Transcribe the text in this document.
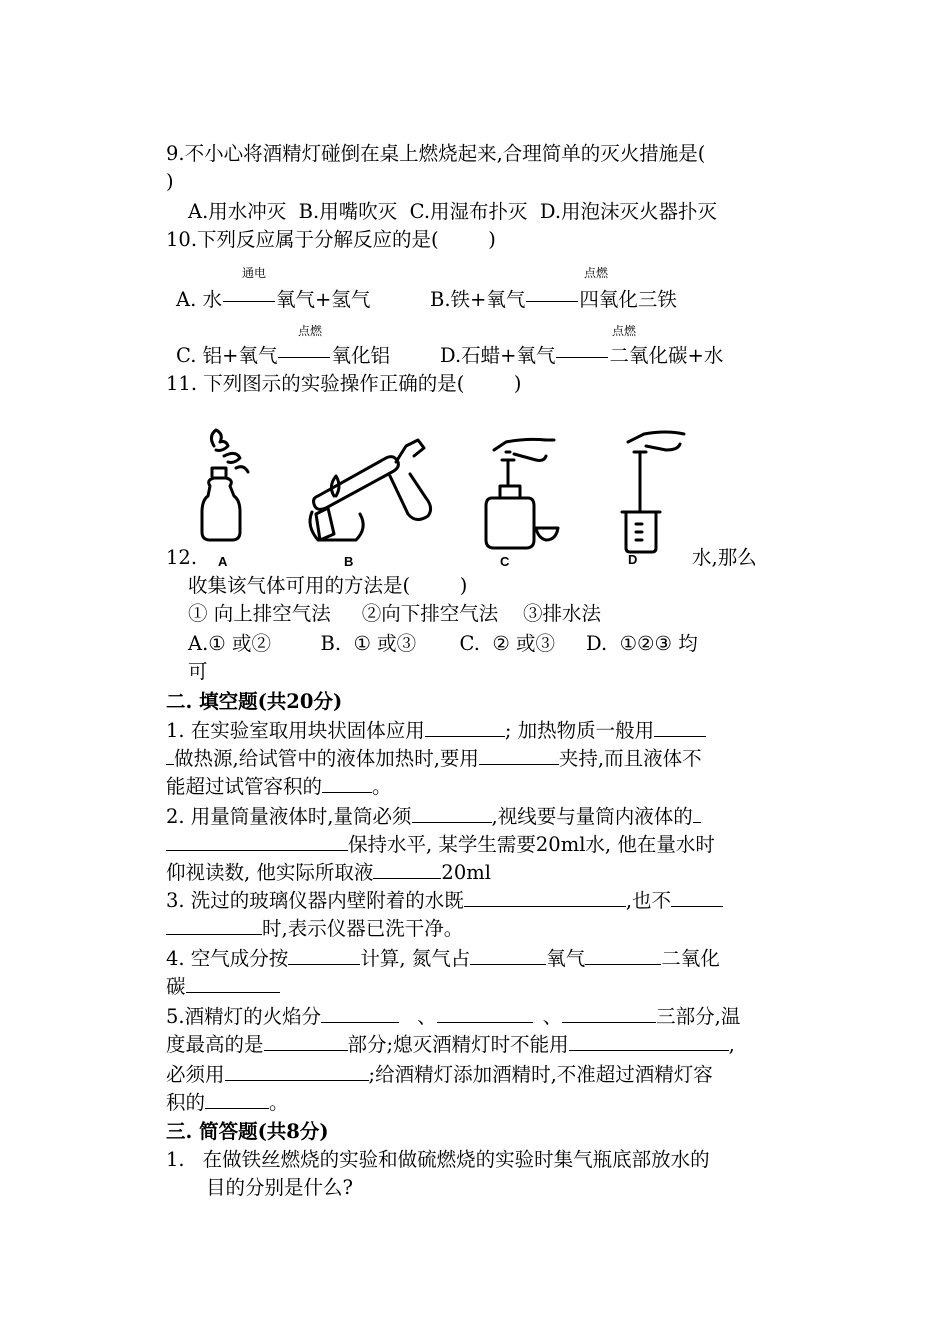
9.不小心将酒精灯碰倒在桌上燃烧起来,合理简单的灭火措施是(
)
A.用水冲灭  B.用嘴吹灭  C.用湿布扑灭  D.用泡沫灭火器扑灭
10.下列反应属于分解反应的是(        )
通电	点燃
A. 水	氧气+氢气	B.铁+氧气	四氧化三铁
点燃	点燃
C. 铝+氧气	氧化铝	D.石蜡+氧气	二氧化碳+水
11. 下列图示的实验操作正确的是(        )
A	B	C	D
12.	水,那么
收集该气体可用的方法是(        )
① 向上排空气法     ②向下排空气法    ③排水法
A.① 或②        B.  ① 或③       C.  ② 或③     D.  ①②③ 均
可
二. 填空题(共20分)
1. 在实验室取用块状固体应用	; 加热物质一般用
做热源,给试管中的液体加热时,要用	夹持,而且液体不
能超过试管容积的	。
2. 用量筒量液体时,量筒必须	,视线要与量筒内液体的
保持水平, 某学生需要20ml水, 他在量水时
仰视读数, 他实际所取液	20ml
3. 洗过的玻璃仪器内壁附着的水既	,也不
时,表示仪器已洗干净。
4. 空气成分按	计算, 氮气占	氧气	二氧化
碳
5.酒精灯的火焰分	、	、	三部分,温
度最高的是	部分;熄灭酒精灯时不能用	,
必须用	;给酒精灯添加酒精时,不准超过酒精灯容
积的	。
三. 简答题(共8分)
1. 在做铁丝燃烧的实验和做硫燃烧的实验时集气瓶底部放水的
目的分别是什么?
